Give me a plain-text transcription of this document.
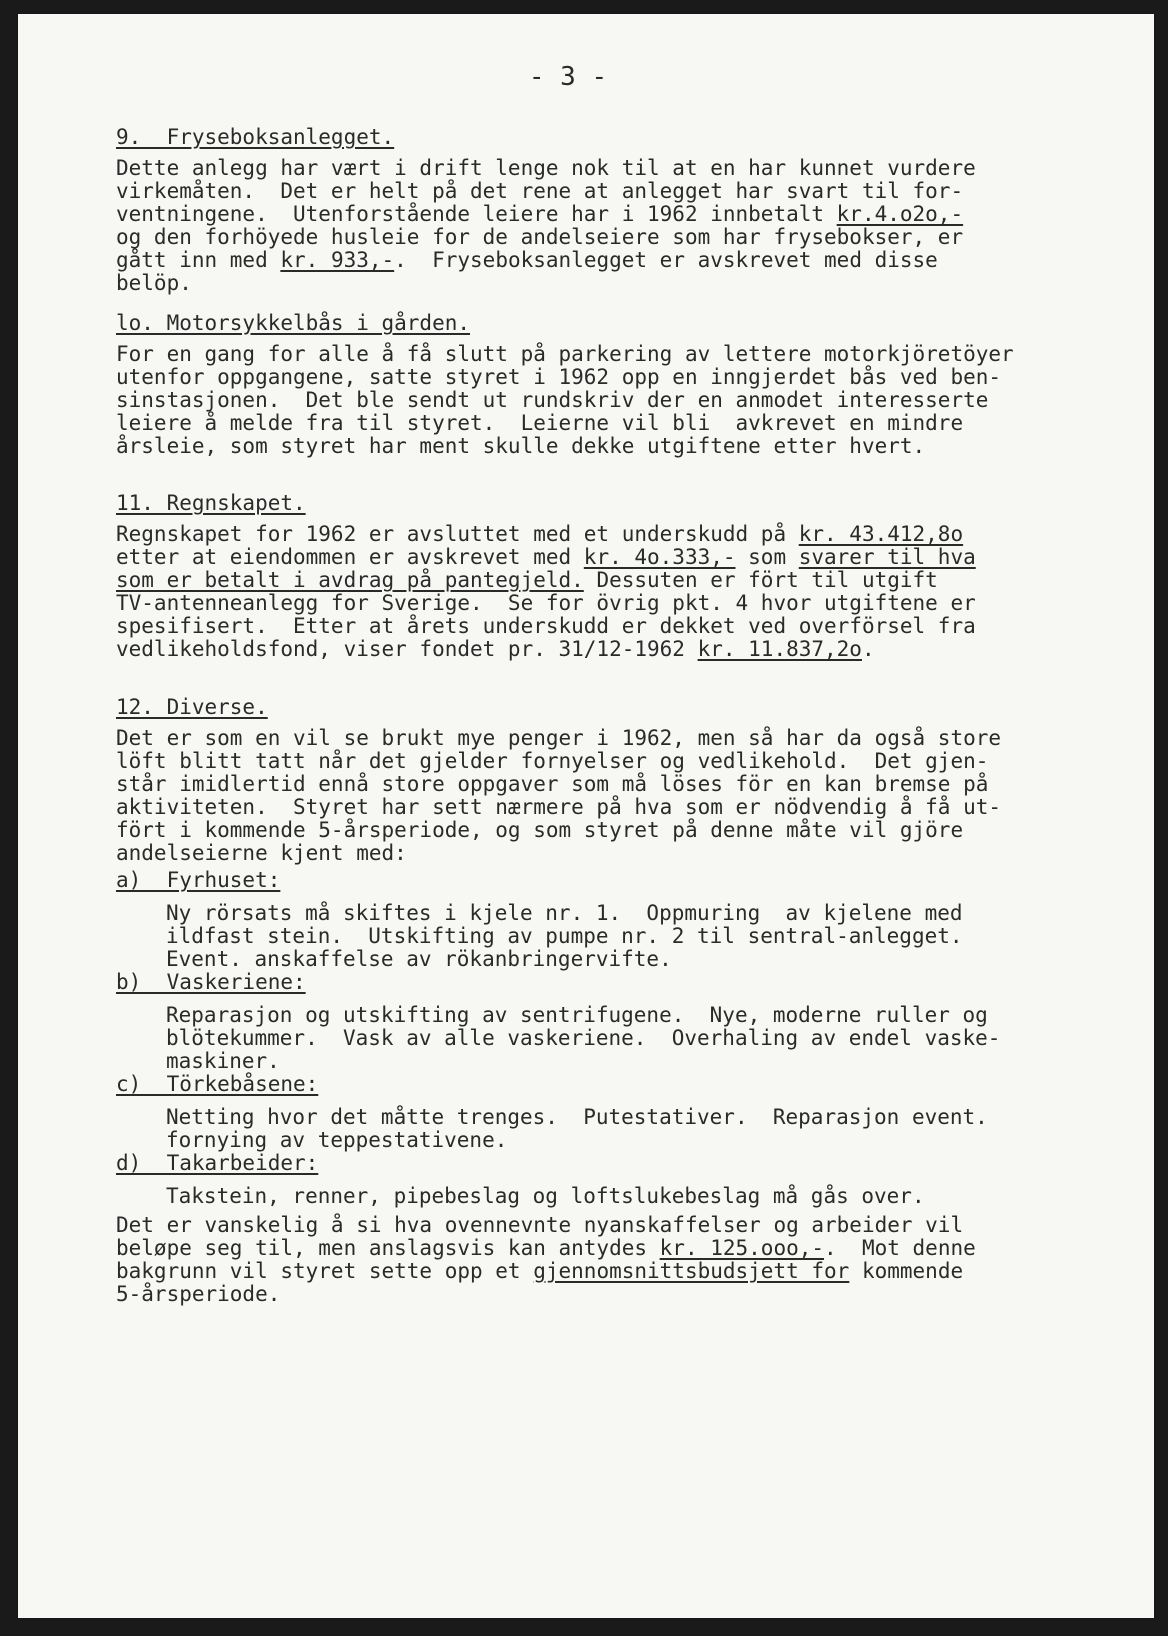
- 3 -
9.  Fryseboksanlegget.
Dette anlegg har vært i drift lenge nok til at en har kunnet vurdere
virkemåten.  Det er helt på det rene at anlegget har svart til for-
ventningene.  Utenforstående leiere har i 1962 innbetalt kr.4.o2o,-
og den forhöyede husleie for de andelseiere som har frysebokser, er
gått inn med kr. 933,-.  Fryseboksanlegget er avskrevet med disse
belöp.
lo. Motorsykkelbås i gården.
For en gang for alle å få slutt på parkering av lettere motorkjöretöyer
utenfor oppgangene, satte styret i 1962 opp en inngjerdet bås ved ben-
sinstasjonen.  Det ble sendt ut rundskriv der en anmodet interesserte
leiere å melde fra til styret.  Leierne vil bli  avkrevet en mindre
årsleie, som styret har ment skulle dekke utgiftene etter hvert.
11. Regnskapet.
Regnskapet for 1962 er avsluttet med et underskudd på kr. 43.412,8o
etter at eiendommen er avskrevet med kr. 4o.333,- som svarer til hva
som er betalt i avdrag på pantegjeld. Dessuten er fört til utgift
TV-antenneanlegg for Sverige.  Se for övrig pkt. 4 hvor utgiftene er
spesifisert.  Etter at årets underskudd er dekket ved overförsel fra
vedlikeholdsfond, viser fondet pr. 31/12-1962 kr. 11.837,2o.
12. Diverse.
Det er som en vil se brukt mye penger i 1962, men så har da også store
löft blitt tatt når det gjelder fornyelser og vedlikehold.  Det gjen-
står imidlertid ennå store oppgaver som må löses för en kan bremse på
aktiviteten.  Styret har sett nærmere på hva som er nödvendig å få ut-
fört i kommende 5-årsperiode, og som styret på denne måte vil gjöre
andelseierne kjent med:
a)  Fyrhuset:
Ny rörsats må skiftes i kjele nr. 1.  Oppmuring  av kjelene med
ildfast stein.  Utskifting av pumpe nr. 2 til sentral-anlegget.
Event. anskaffelse av rökanbringervifte.
b)  Vaskeriene:
Reparasjon og utskifting av sentrifugene.  Nye, moderne ruller og
blötekummer.  Vask av alle vaskeriene.  Overhaling av endel vaske-
maskiner.
c)  Törkebåsene:
Netting hvor det måtte trenges.  Putestativer.  Reparasjon event.
fornying av teppestativene.
d)  Takarbeider:
Takstein, renner, pipebeslag og loftslukebeslag må gås over.
Det er vanskelig å si hva ovennevnte nyanskaffelser og arbeider vil
beløpe seg til, men anslagsvis kan antydes kr. 125.ooo,-.  Mot denne
bakgrunn vil styret sette opp et gjennomsnittsbudsjett for kommende
5-årsperiode.
